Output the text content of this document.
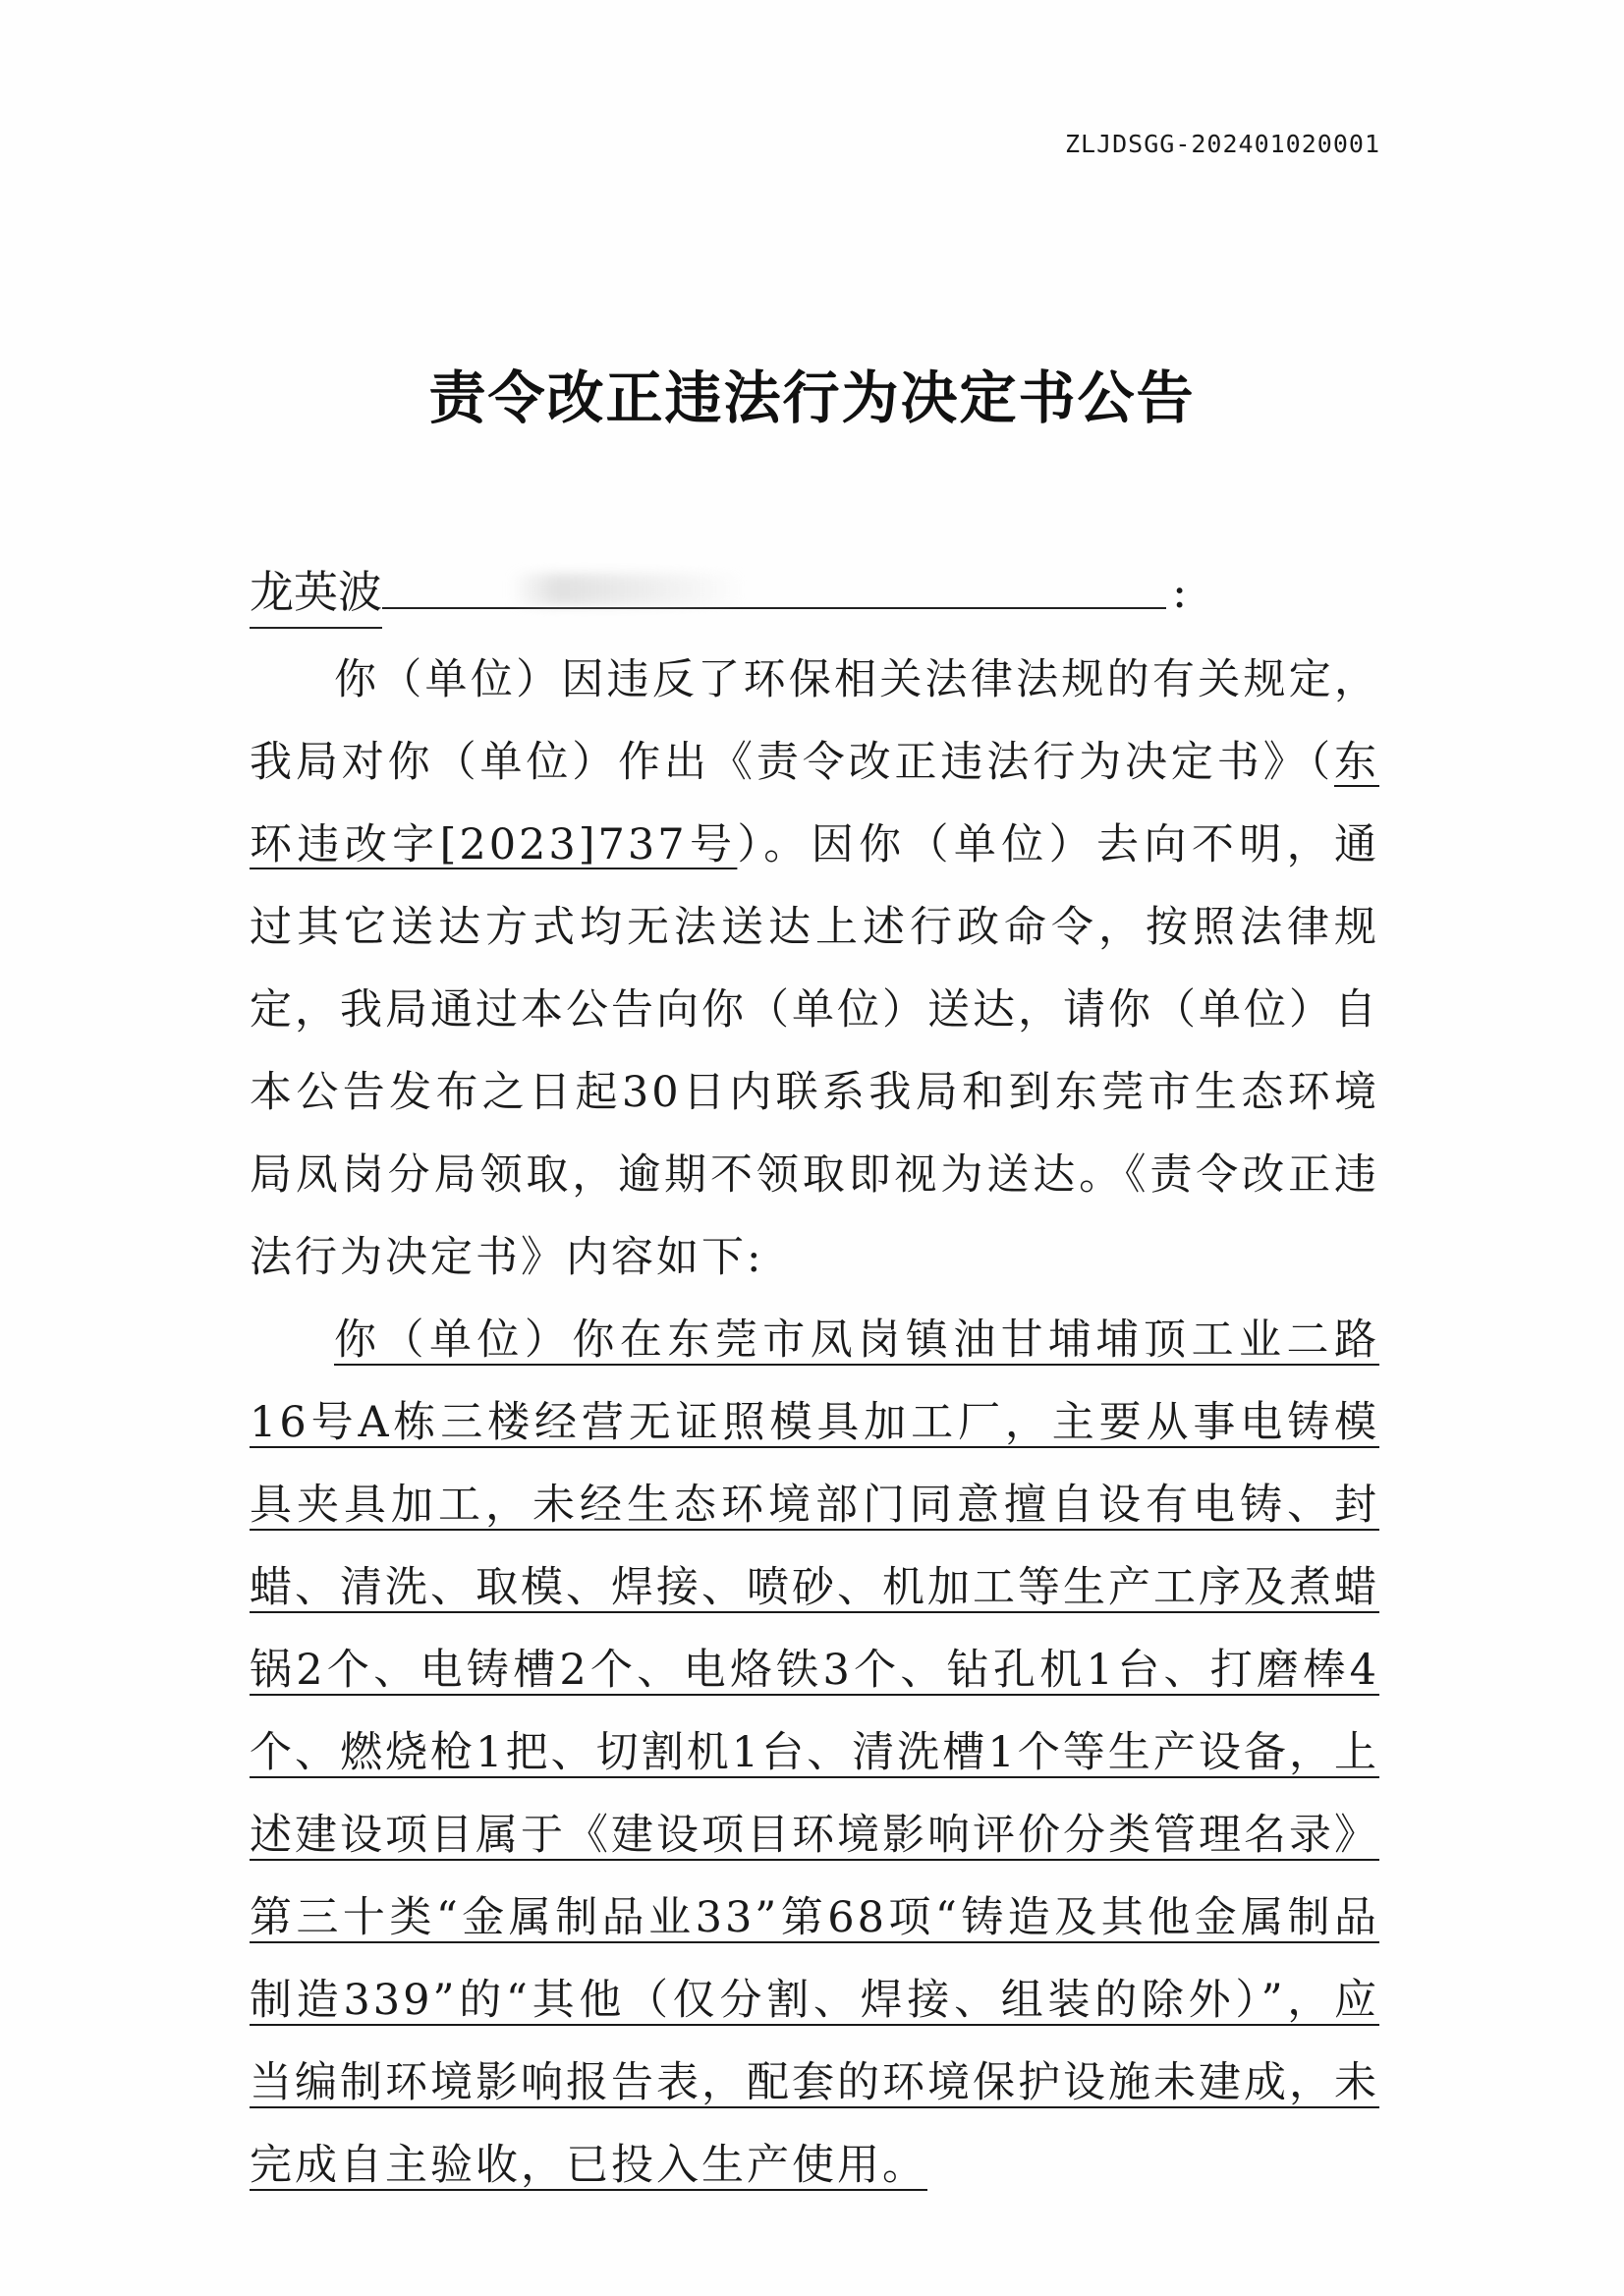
ZLJDSGG-202401020001
责令改正违法行为决定书公告
龙英波	:

你（单位）因违反了环保相关法律法规的有关规定，我局对你（单位）作出《责令改正违法行为决定书》（东环违改字[2023]737号）。因你（单位）去向不明，通过其它送达方式均无法送达上述行政命令，按照法律规定，我局通过本公告向你（单位）送达，请你（单位）自本公告发布之日起30日内联系我局和到东莞市生态环境局凤岗分局领取，逾期不领取即视为送达。《责令改正违法行为决定书》内容如下:

你（单位）你在东莞市凤岗镇油甘埔埔顶工业二路16号A栋三楼经营无证照模具加工厂，主要从事电铸模具夹具加工，未经生态环境部门同意擅自设有电铸、封蜡、清洗、取模、焊接、喷砂、机加工等生产工序及煮蜡锅2个、电铸槽2个、电烙铁3个、钻孔机1台、打磨棒4个、燃烧枪1把、切割机1台、清洗槽1个等生产设备，上述建设项目属于《建设项目环境影响评价分类管理名录》第三十类“金属制品业33”第68项“铸造及其他金属制品制造339”的“其他（仅分割、焊接、组装的除外）”，应当编制环境影响报告表，配套的环境保护设施未建成，未完成自主验收，已投入生产使用。
